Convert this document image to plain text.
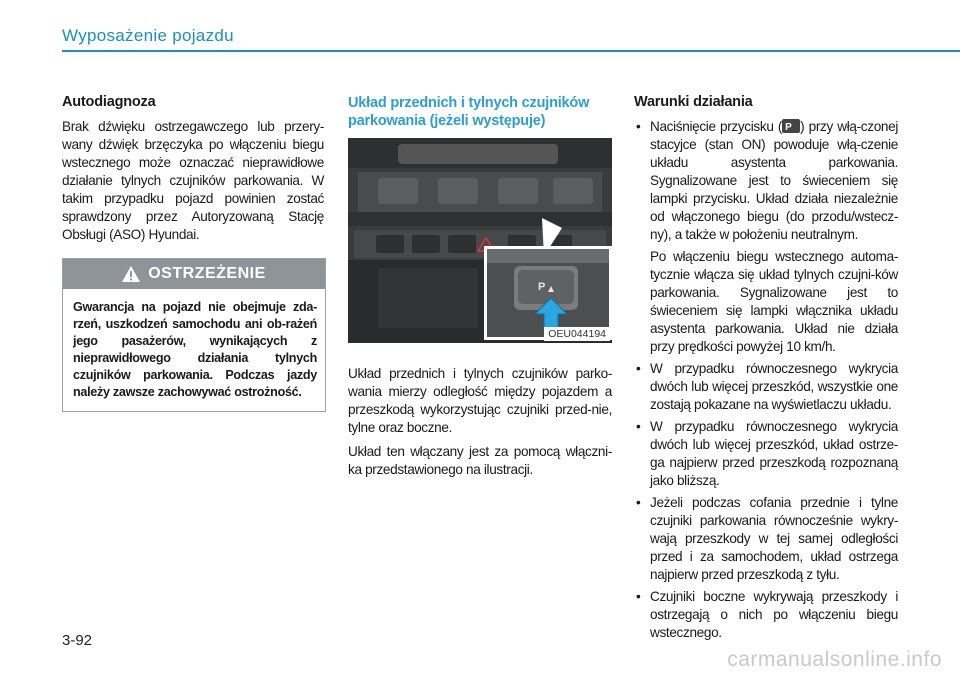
Wyposażenie pojazdu
Autodiagnoza

Brak dźwięku ostrzegawczego lub przery-wany dźwięk brzęczyka po włączeniu biegu wstecznego może oznaczać nieprawidłowe działanie tylnych czujników parkowania. W takim przypadku pojazd powinien zostać sprawdzony przez Autoryzowaną Stację Obsługi (ASO) Hyundai.

OSTRZEŻENIE
Gwarancja na pojazd nie obejmuje zda-rzeń, uszkodzeń samochodu ani ob-rażeń jego pasażerów, wynikających z nieprawidłowego działania tylnych czujników parkowania. Podczas jazdy należy zawsze zachowywać ostrożność.
Układ przednich i tylnych czujników parkowania (jeżeli występuje)
P
OEU044194

Układ przednich i tylnych czujników parko-wania mierzy odległość między pojazdem a przeszkodą wykorzystując czujniki przed-nie, tylne oraz boczne.

Układ ten włączany jest za pomocą włączni-ka przedstawionego na ilustracji.

Warunki działania
• Naciśnięcie przycisku ( P ) przy włą-czonej stacyjce (stan ON) powoduje włą-czenie układu asystenta parkowania. Sygnalizowane jest to świeceniem się lampki przycisku. Układ działa niezależnie od włączonego biegu (do przodu/wstecz-ny), a także w położeniu neutralnym.
Po włączeniu biegu wstecznego automa-tycznie włącza się układ tylnych czujni-ków parkowania. Sygnalizowane jest to świeceniem się lampki włącznika układu asystenta parkowania. Układ nie działa przy prędkości powyżej 10 km/h.
• W przypadku równoczesnego wykrycia dwóch lub więcej przeszkód, wszystkie one zostają pokazane na wyświetlaczu układu.
• W przypadku równoczesnego wykrycia dwóch lub więcej przeszkód, układ ostrze-ga najpierw przed przeszkodą rozpoznaną jako bliższą.
• Jeżeli podczas cofania przednie i tylne czujniki parkowania równocześnie wykry-wają przeszkody w tej samej odległości przed i za samochodem, układ ostrzega najpierw przed przeszkodą z tyłu.
• Czujniki boczne wykrywają przeszkody i ostrzegają o nich po włączeniu biegu wstecznego.
3-92
carmanualsonline.info
